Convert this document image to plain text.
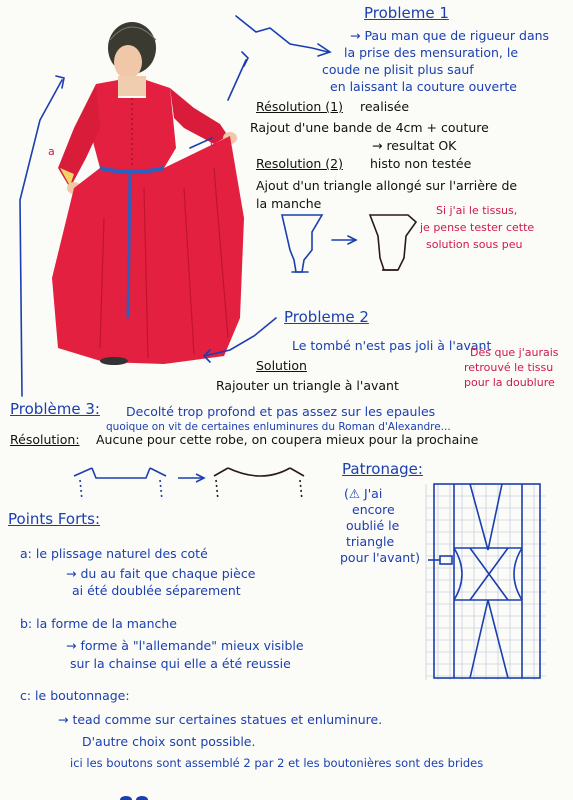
a
c
Probleme 1
→ Pau man que de rigueur dans
la prise des mensuration, le
coude ne plisit plus sauf
en laissant la couture ouverte
Résolution (1) realisée
Rajout d'une bande de 4cm + couture
→ resultat OK
Resolution (2) histo non testée
Ajout d'un triangle allongé sur l'arrière de
la manche	Si j'ai le tissus,
je pense tester cette
solution sous peu
Probleme 2
Le tombé n'est pas joli à l'avant
Solution
Rajouter un triangle à l'avant
Dès que j'aurais
retrouvé le tissu
pour la doublure
Problème 3: Decolté trop profond et pas assez sur les epaules
quoique on vit de certaines enluminures du Roman d'Alexandre...
Résolution: Aucune pour cette robe, on coupera mieux pour la prochaine
Patronage:
(⚠ J'ai
encore
oublié le
triangle
pour l'avant)
Points Forts:
a: le plissage naturel des coté
→ du au fait que chaque pièce
ai été doublée séparement
b: la forme de la manche
→ forme à "l'allemande" mieux visible
sur la chainse qui elle a été reussie
c: le boutonnage:
→ tead comme sur certaines statues et enluminure.
D'autre choix sont possible.
ici les boutons sont assemblé 2 par 2 et les boutonières sont des brides
